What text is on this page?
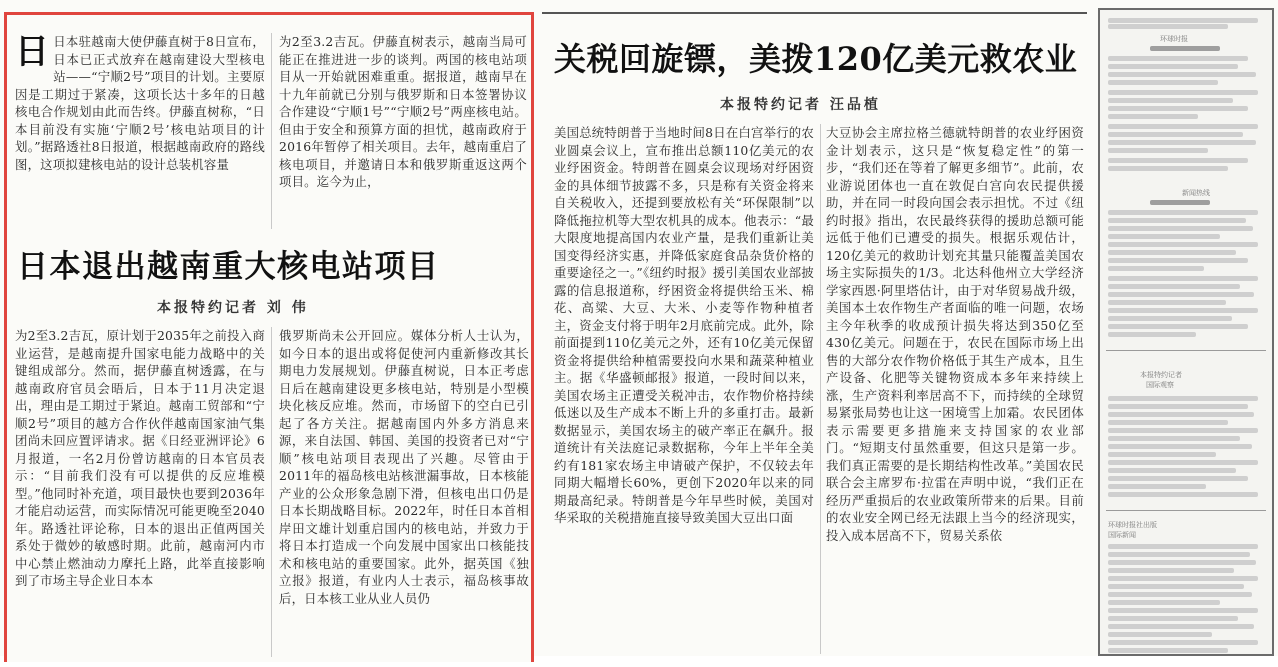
日日本驻越南大使伊藤直树于8日宣布，日本已正式放弃在越南建设大型核电站——“宁顺2号”项目的计划。主要原因是工期过于紧凑，这项长达十多年的日越核电合作规划由此而告终。伊藤直树称，“日本目前没有实施‘宁顺2号’核电站项目的计划。”据路透社8日报道，根据越南政府的路线图，这项拟建核电站的设计总装机容量
为2至3.2吉瓦。伊藤直树表示，越南当局可能正在推进进一步的谈判。两国的核电站项目从一开始就困难重重。据报道，越南早在十九年前就已分别与俄罗斯和日本签署协议合作建设“宁顺1号”“宁顺2号”两座核电站。但由于安全和预算方面的担忧，越南政府于2016年暂停了相关项目。去年，越南重启了核电项目，并邀请日本和俄罗斯重返这两个项目。迄今为止，
日本退出越南重大核电站项目
本报特约记者 刘 伟
为2至3.2吉瓦，原计划于2035年之前投入商业运营，是越南提升国家电能力战略中的关键组成部分。然而，据伊藤直树透露，在与越南政府官员会晤后，日本于11月决定退出，理由是工期过于紧迫。越南工贸部和“宁顺2号”项目的越方合作伙伴越南国家油气集团尚未回应置评请求。据《日经亚洲评论》6月报道，一名2月份曾访越南的日本官员表示：“目前我们没有可以提供的反应堆模型。”他同时补充道，项目最快也要到2036年才能启动运营，而实际情况可能更晚至2040年。路透社评论称，日本的退出正值两国关系处于微妙的敏感时期。此前，越南河内市中心禁止燃油动力摩托上路，此举直接影响到了市场主导企业日本本
俄罗斯尚未公开回应。媒体分析人士认为，如今日本的退出或将促使河内重新修改其长期电力发展规划。伊藤直树说，日本正考虑日后在越南建设更多核电站，特别是小型模块化核反应堆。然而，市场留下的空白已引起了各方关注。据越南国内外多方消息来源，来自法国、韩国、美国的投资者已对“宁顺”核电站项目表现出了兴趣。尽管由于2011年的福岛核电站核泄漏事故，日本核能产业的公众形象急剧下滑，但核电出口仍是日本长期战略目标。2022年，时任日本首相岸田文雄计划重启国内的核电站，并致力于将日本打造成一个向发展中国家出口核能技术和核电站的重要国家。此外，据英国《独立报》报道，有业内人士表示，福岛核事故后，日本核工业从业人员仍
关税回旋镖，美拨120亿美元救农业
本报特约记者 汪品植
美国总统特朗普于当地时间8日在白宫举行的农业圆桌会议上，宣布推出总额110亿美元的农业纾困资金。特朗普在圆桌会议现场对纾困资金的具体细节披露不多，只是称有关资金将来自关税收入，还提到要放松有关“环保限制”以降低拖拉机等大型农机具的成本。他表示：“最大限度地提高国内农业产量，是我们重新让美国变得经济实惠，并降低家庭食品杂货价格的重要途径之一。”《纽约时报》援引美国农业部披露的信息报道称，纾困资金将提供给玉米、棉花、高粱、大豆、大米、小麦等作物种植者主，资金支付将于明年2月底前完成。此外，除前面提到110亿美元之外，还有10亿美元保留资金将提供给种植需要投向水果和蔬菜种植业主。据《华盛顿邮报》报道，一段时间以来，美国农场主正遭受关税冲击，农作物价格持续低迷以及生产成本不断上升的多重打击。最新数据显示，美国农场主的破产率正在飙升。报道统计有关法庭记录数据称，今年上半年全美约有181家农场主申请破产保护，不仅较去年同期大幅增长60%，更创下2020年以来的同期最高纪录。特朗普是今年早些时候，美国对华采取的关税措施直接导致美国大豆出口面
大豆协会主席拉格兰德就特朗普的农业纾困资金计划表示，这只是“恢复稳定性”的第一步，“我们还在等着了解更多细节”。此前，农业游说团体也一直在敦促白宫向农民提供援助，并在同一时段向国会表示担忧。不过《纽约时报》指出，农民最终获得的援助总额可能远低于他们已遭受的损失。根据乐观估计，120亿美元的救助计划充其量只能覆盖美国农场主实际损失的1/3。北达科他州立大学经济学家西恩·阿里塔估计，由于对华贸易战升级，美国本土农作物生产者面临的唯一问题，农场主今年秋季的收成预计损失将达到350亿至430亿美元。问题在于，农民在国际市场上出售的大部分农作物价格低于其生产成本，且生产设备、化肥等关键物资成本多年来持续上涨，生产资料利率居高不下，而持续的全球贸易紧张局势也让这一困境雪上加霜。农民团体表示需要更多措施来支持国家的农业部门。“短期支付虽然重要，但这只是第一步。我们真正需要的是长期结构性改革。”美国农民联合会主席罗布·拉雷在声明中说，“我们正在经历严重损后的农业政策所带来的后果。目前的农业安全网已经无法跟上当今的经济现实，投入成本居高不下，贸易关系依
环球时报
新闻热线
本报特约记者
国际观察
环球时报社出版
国际新闻
